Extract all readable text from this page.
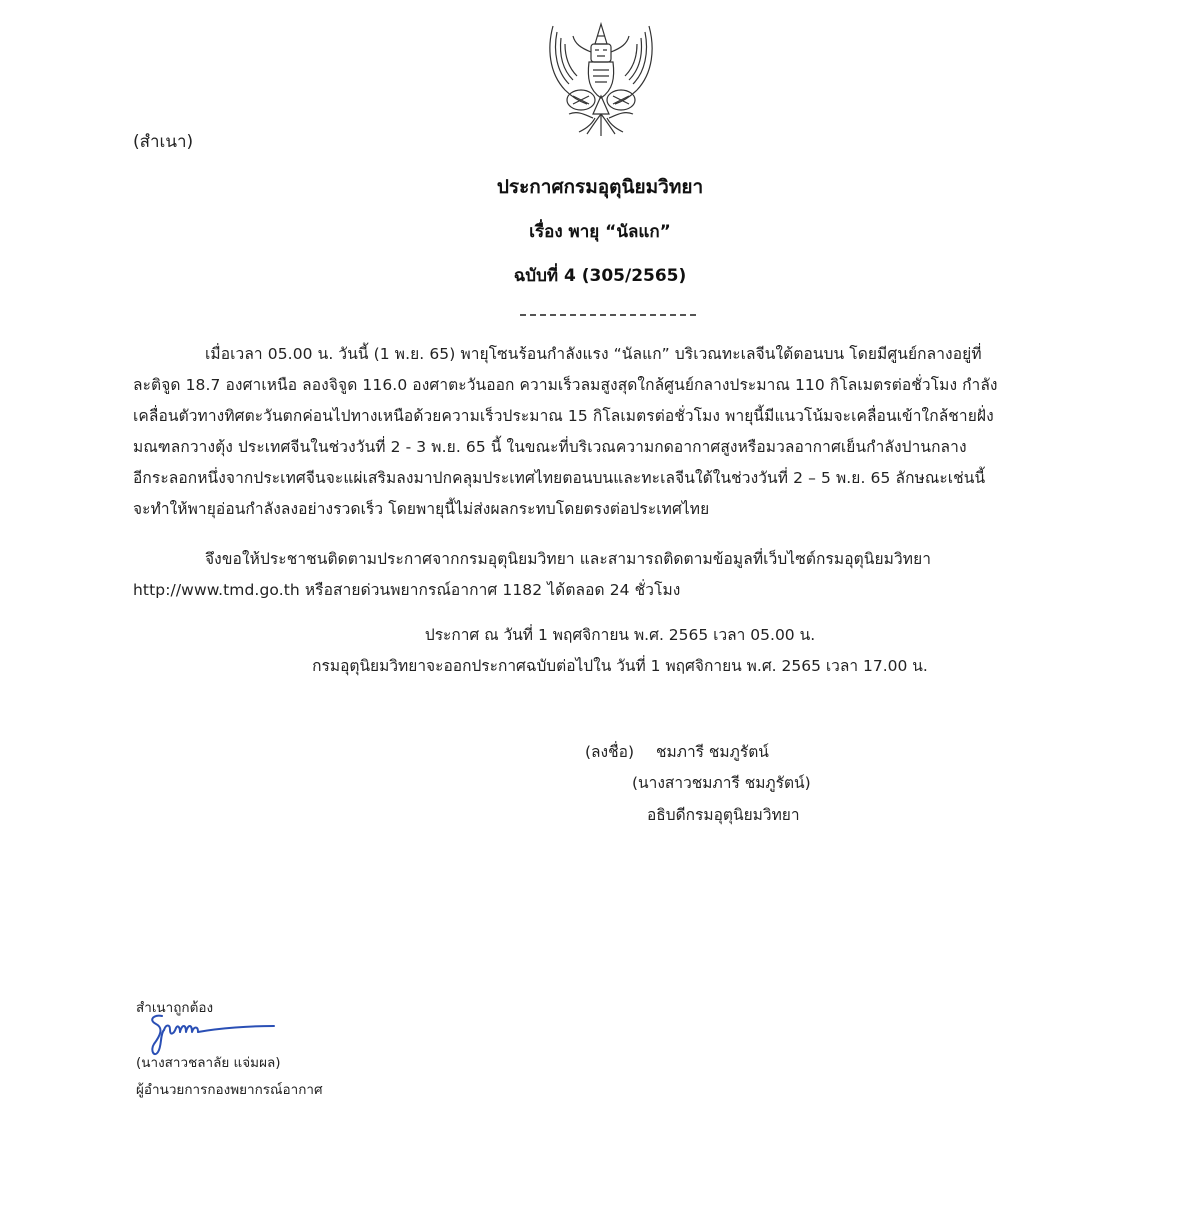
(สำเนา)
ประกาศกรมอุตุนิยมวิทยา
เรื่อง พายุ “นัลแก”
ฉบับที่ 4 (305/2565)
เมื่อเวลา 05.00 น. วันนี้ (1 พ.ย. 65) พายุโซนร้อนกำลังแรง “นัลแก” บริเวณทะเลจีนใต้ตอนบน โดยมีศูนย์กลางอยู่ที่
ละติจูด 18.7 องศาเหนือ ลองจิจูด 116.0 องศาตะวันออก ความเร็วลมสูงสุดใกล้ศูนย์กลางประมาณ 110 กิโลเมตรต่อชั่วโมง กำลัง
เคลื่อนตัวทางทิศตะวันตกค่อนไปทางเหนือด้วยความเร็วประมาณ 15 กิโลเมตรต่อชั่วโมง พายุนี้มีแนวโน้มจะเคลื่อนเข้าใกล้ชายฝั่ง
มณฑลกวางตุ้ง ประเทศจีนในช่วงวันที่ 2 - 3 พ.ย. 65 นี้ ในขณะที่บริเวณความกดอากาศสูงหรือมวลอากาศเย็นกำลังปานกลาง
อีกระลอกหนึ่งจากประเทศจีนจะแผ่เสริมลงมาปกคลุมประเทศไทยตอนบนและทะเลจีนใต้ในช่วงวันที่ 2 – 5 พ.ย. 65 ลักษณะเช่นนี้
จะทำให้พายุอ่อนกำลังลงอย่างรวดเร็ว โดยพายุนี้ไม่ส่งผลกระทบโดยตรงต่อประเทศไทย
จึงขอให้ประชาชนติดตามประกาศจากกรมอุตุนิยมวิทยา และสามารถติดตามข้อมูลที่เว็บไซต์กรมอุตุนิยมวิทยา
http://www.tmd.go.th หรือสายด่วนพยากรณ์อากาศ 1182 ได้ตลอด 24 ชั่วโมง
ประกาศ ณ วันที่ 1 พฤศจิกายน พ.ศ. 2565 เวลา 05.00 น.
กรมอุตุนิยมวิทยาจะออกประกาศฉบับต่อไปใน วันที่ 1 พฤศจิกายน พ.ศ. 2565 เวลา 17.00 น.
(ลงชื่อ) ชมภารี ชมภูรัตน์
(นางสาวชมภารี ชมภูรัตน์)
อธิบดีกรมอุตุนิยมวิทยา
สำเนาถูกต้อง
(นางสาวชลาลัย แจ่มผล)
ผู้อำนวยการกองพยากรณ์อากาศ
